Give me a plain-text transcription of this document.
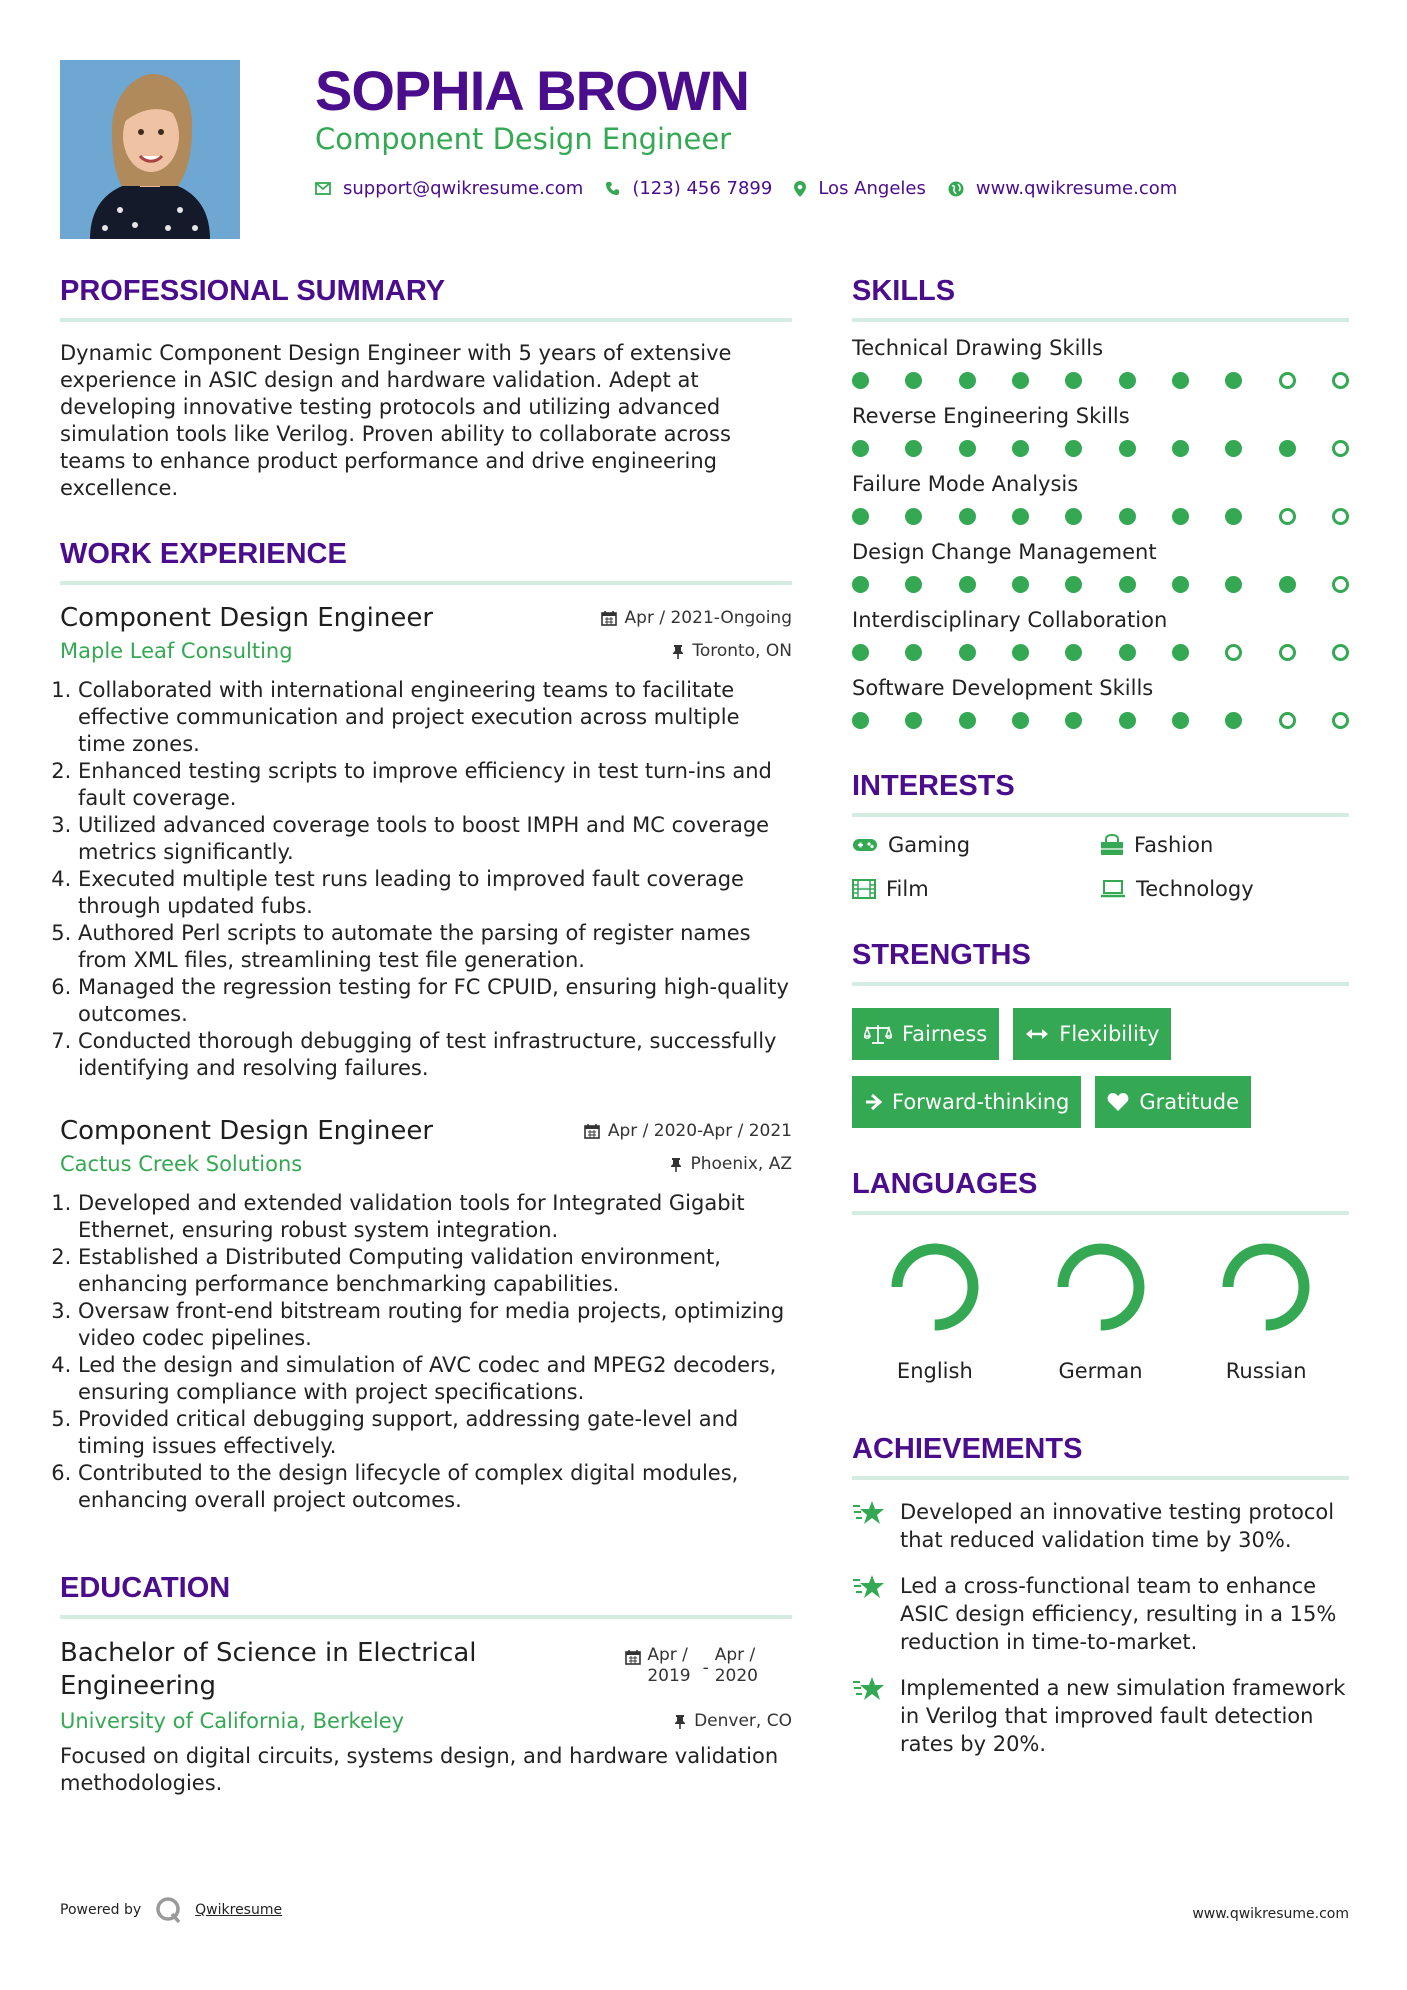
SOPHIA BROWN
Component Design Engineer
support@qwikresume.com	(123) 456 7899	Los Angeles	www.qwikresume.com
PROFESSIONAL SUMMARY

Dynamic Component Design Engineer with 5 years of extensive experience in ASIC design and hardware validation. Adept at developing innovative testing protocols and utilizing advanced simulation tools like Verilog. Proven ability to collaborate across teams to enhance product performance and drive engineering excellence.

WORK EXPERIENCE
Component Design Engineer	Apr / 2021-Ongoing
Maple Leaf Consulting	Toronto, ON
1. Collaborated with international engineering teams to facilitate effective communication and project execution across multiple time zones.
2. Enhanced testing scripts to improve efficiency in test turn-ins and fault coverage.
3. Utilized advanced coverage tools to boost IMPH and MC coverage metrics significantly.
4. Executed multiple test runs leading to improved fault coverage through updated fubs.
5. Authored Perl scripts to automate the parsing of register names from XML files, streamlining test file generation.
6. Managed the regression testing for FC CPUID, ensuring high-quality outcomes.
7. Conducted thorough debugging of test infrastructure, successfully identifying and resolving failures.
Component Design Engineer	Apr / 2020-Apr / 2021
Cactus Creek Solutions	Phoenix, AZ
1. Developed and extended validation tools for Integrated Gigabit Ethernet, ensuring robust system integration.
2. Established a Distributed Computing validation environment, enhancing performance benchmarking capabilities.
3. Oversaw front-end bitstream routing for media projects, optimizing video codec pipelines.
4. Led the design and simulation of AVC codec and MPEG2 decoders, ensuring compliance with project specifications.
5. Provided critical debugging support, addressing gate-level and timing issues effectively.
6. Contributed to the design lifecycle of complex digital modules, enhancing overall project outcomes.
EDUCATION
Bachelor of Science in Electrical Engineering
Apr /
2019 -
Apr /
2020
University of California, Berkeley	Denver, CO

Focused on digital circuits, systems design, and hardware validation methodologies.

SKILLS
Technical Drawing Skills
Reverse Engineering Skills
Failure Mode Analysis
Design Change Management
Interdisciplinary Collaboration
Software Development Skills
INTERESTS
Gaming	Fashion
Film	Technology
STRENGTHS
Fairness	Flexibility
Forward-thinking	Gratitude
LANGUAGES
English	German	Russian
ACHIEVEMENTS
Developed an innovative testing protocol that reduced validation time by 30%.
Led a cross-functional team to enhance ASIC design efficiency, resulting in a 15% reduction in time-to-market.
Implemented a new simulation framework in Verilog that improved fault detection rates by 20%.
Powered by	Qwikresume	www.qwikresume.com
